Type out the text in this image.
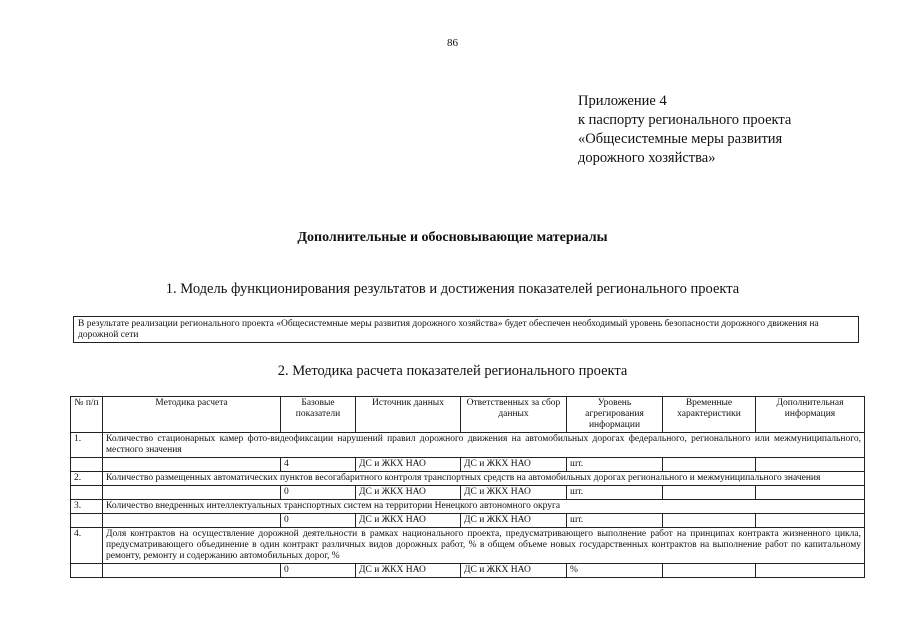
86
Приложение 4
к паспорту регионального проекта
«Общесистемные меры развития
дорожного хозяйства»
Дополнительные и обосновывающие материалы
1. Модель функционирования результатов и достижения показателей регионального проекта
В результате реализации регионального проекта «Общесистемные меры развития дорожного хозяйства» будет обеспечен необходимый уровень безопасности дорожного движения на дорожной сети
2. Методика расчета показателей регионального проекта
№ п/п	Методика расчета	Базовые показатели	Источник данных	Ответственных за сбор данных	Уровень агрегирования информации	Временные характеристики	Дополнительная информация
1.	Количество стационарных камер фото-видеофиксации нарушений правил дорожного движения на автомобильных дорогах федерального, регионального или межмуниципального, местного значения						
		4	ДС и ЖКХ НАО	ДС и ЖКХ НАО	шт.		
2.	Количество размещенных автоматических пунктов весогабаритного контроля транспортных средств на автомобильных дорогах регионального и межмуниципального значения						
		0	ДС и ЖКХ НАО	ДС и ЖКХ НАО	шт.		
3.	Количество внедренных интеллектуальных транспортных систем на территории Ненецкого автономного округа						
		0	ДС и ЖКХ НАО	ДС и ЖКХ НАО	шт.		
4.	Доля контрактов на осуществление дорожной деятельности в рамках национального проекта, предусматривающего выполнение работ на принципах контракта жизненного цикла, предусматривающего объединение в один контракт различных видов дорожных работ, % в общем объеме новых государственных контрактов на выполнение работ по капитальному ремонту, ремонту и содержанию автомобильных дорог, %						
		0	ДС и ЖКХ НАО	ДС и ЖКХ НАО	%		
